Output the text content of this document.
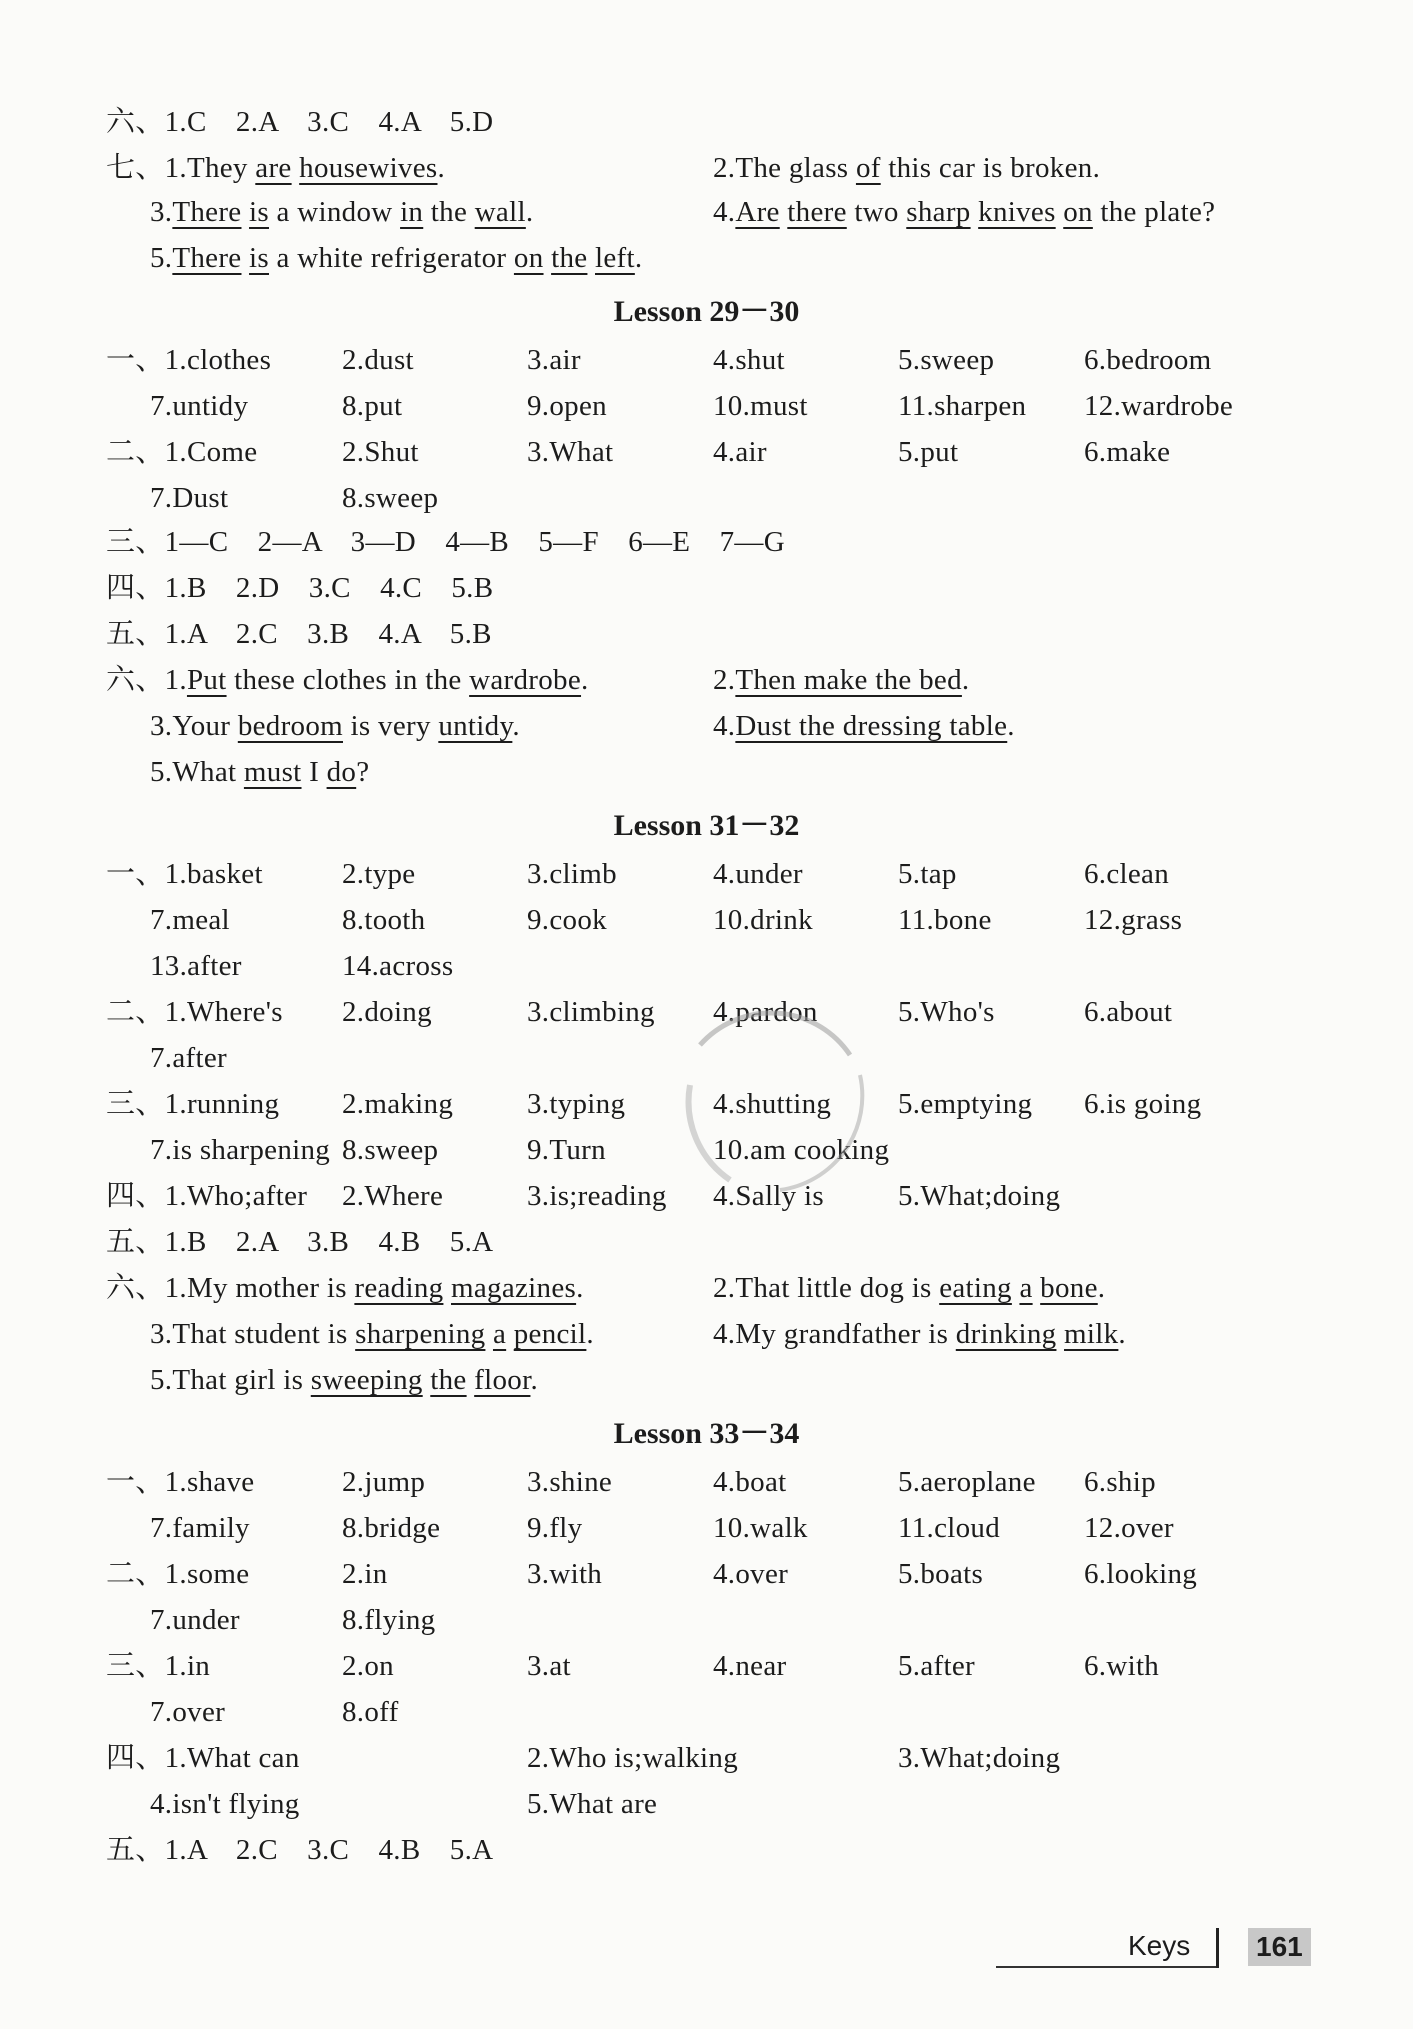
Lesson 29－30
Lesson 31－32
Lesson 33－34
六、1.C　2.A　3.C　4.A　5.D
七、1.They are housewives.	2.The glass of this car is broken.
3.There is a window in the wall.	4.Are there two sharp knives on the plate?
5.There is a white refrigerator on the left.
一、1.clothes 2.dust	3.air	4.shut	5.sweep	6.bedroom
7.untidy	8.put	9.open	10.must	11.sharpen 12.wardrobe
二、1.Come	2.Shut	3.What	4.air	5.put	6.make
7.Dust	8.sweep
三、1—C　2—A　3—D　4—B　5—F　6—E　7—G
四、1.B　2.D　3.C　4.C　5.B
五、1.A　2.C　3.B　4.A　5.B
六、1.Put these clothes in the wardrobe.	2.Then make the bed.
3.Your bedroom is very untidy.	4.Dust the dressing table.
5.What must I do?
一、1.basket	2.type	3.climb	4.under	5.tap	6.clean
7.meal	8.tooth	9.cook	10.drink	11.bone	12.grass
13.after	14.across
二、1.Where's 2.doing	3.climbing 4.pardon	5.Who's	6.about
7.after
三、1.running 2.making	3.typing	4.shutting 5.emptying 6.is going
7.is sharpening 8.sweep	9.Turn	10.am cooking
四、1.Who;after 2.Where	3.is;reading 4.Sally is	5.What;doing
五、1.B　2.A　3.B　4.B　5.A
六、1.My mother is reading magazines.	2.That little dog is eating a bone.
3.That student is sharpening a pencil.	4.My grandfather is drinking milk.
5.That girl is sweeping the floor.
一、1.shave	2.jump	3.shine	4.boat	5.aeroplane 6.ship
7.family	8.bridge	9.fly	10.walk	11.cloud	12.over
二、1.some	2.in	3.with	4.over	5.boats	6.looking
7.under	8.flying
三、1.in	2.on	3.at	4.near	5.after	6.with
7.over	8.off
四、1.What can	2.Who is;walking	3.What;doing
4.isn't flying	5.What are
五、1.A　2.C　3.C　4.B　5.A
Keys 161
